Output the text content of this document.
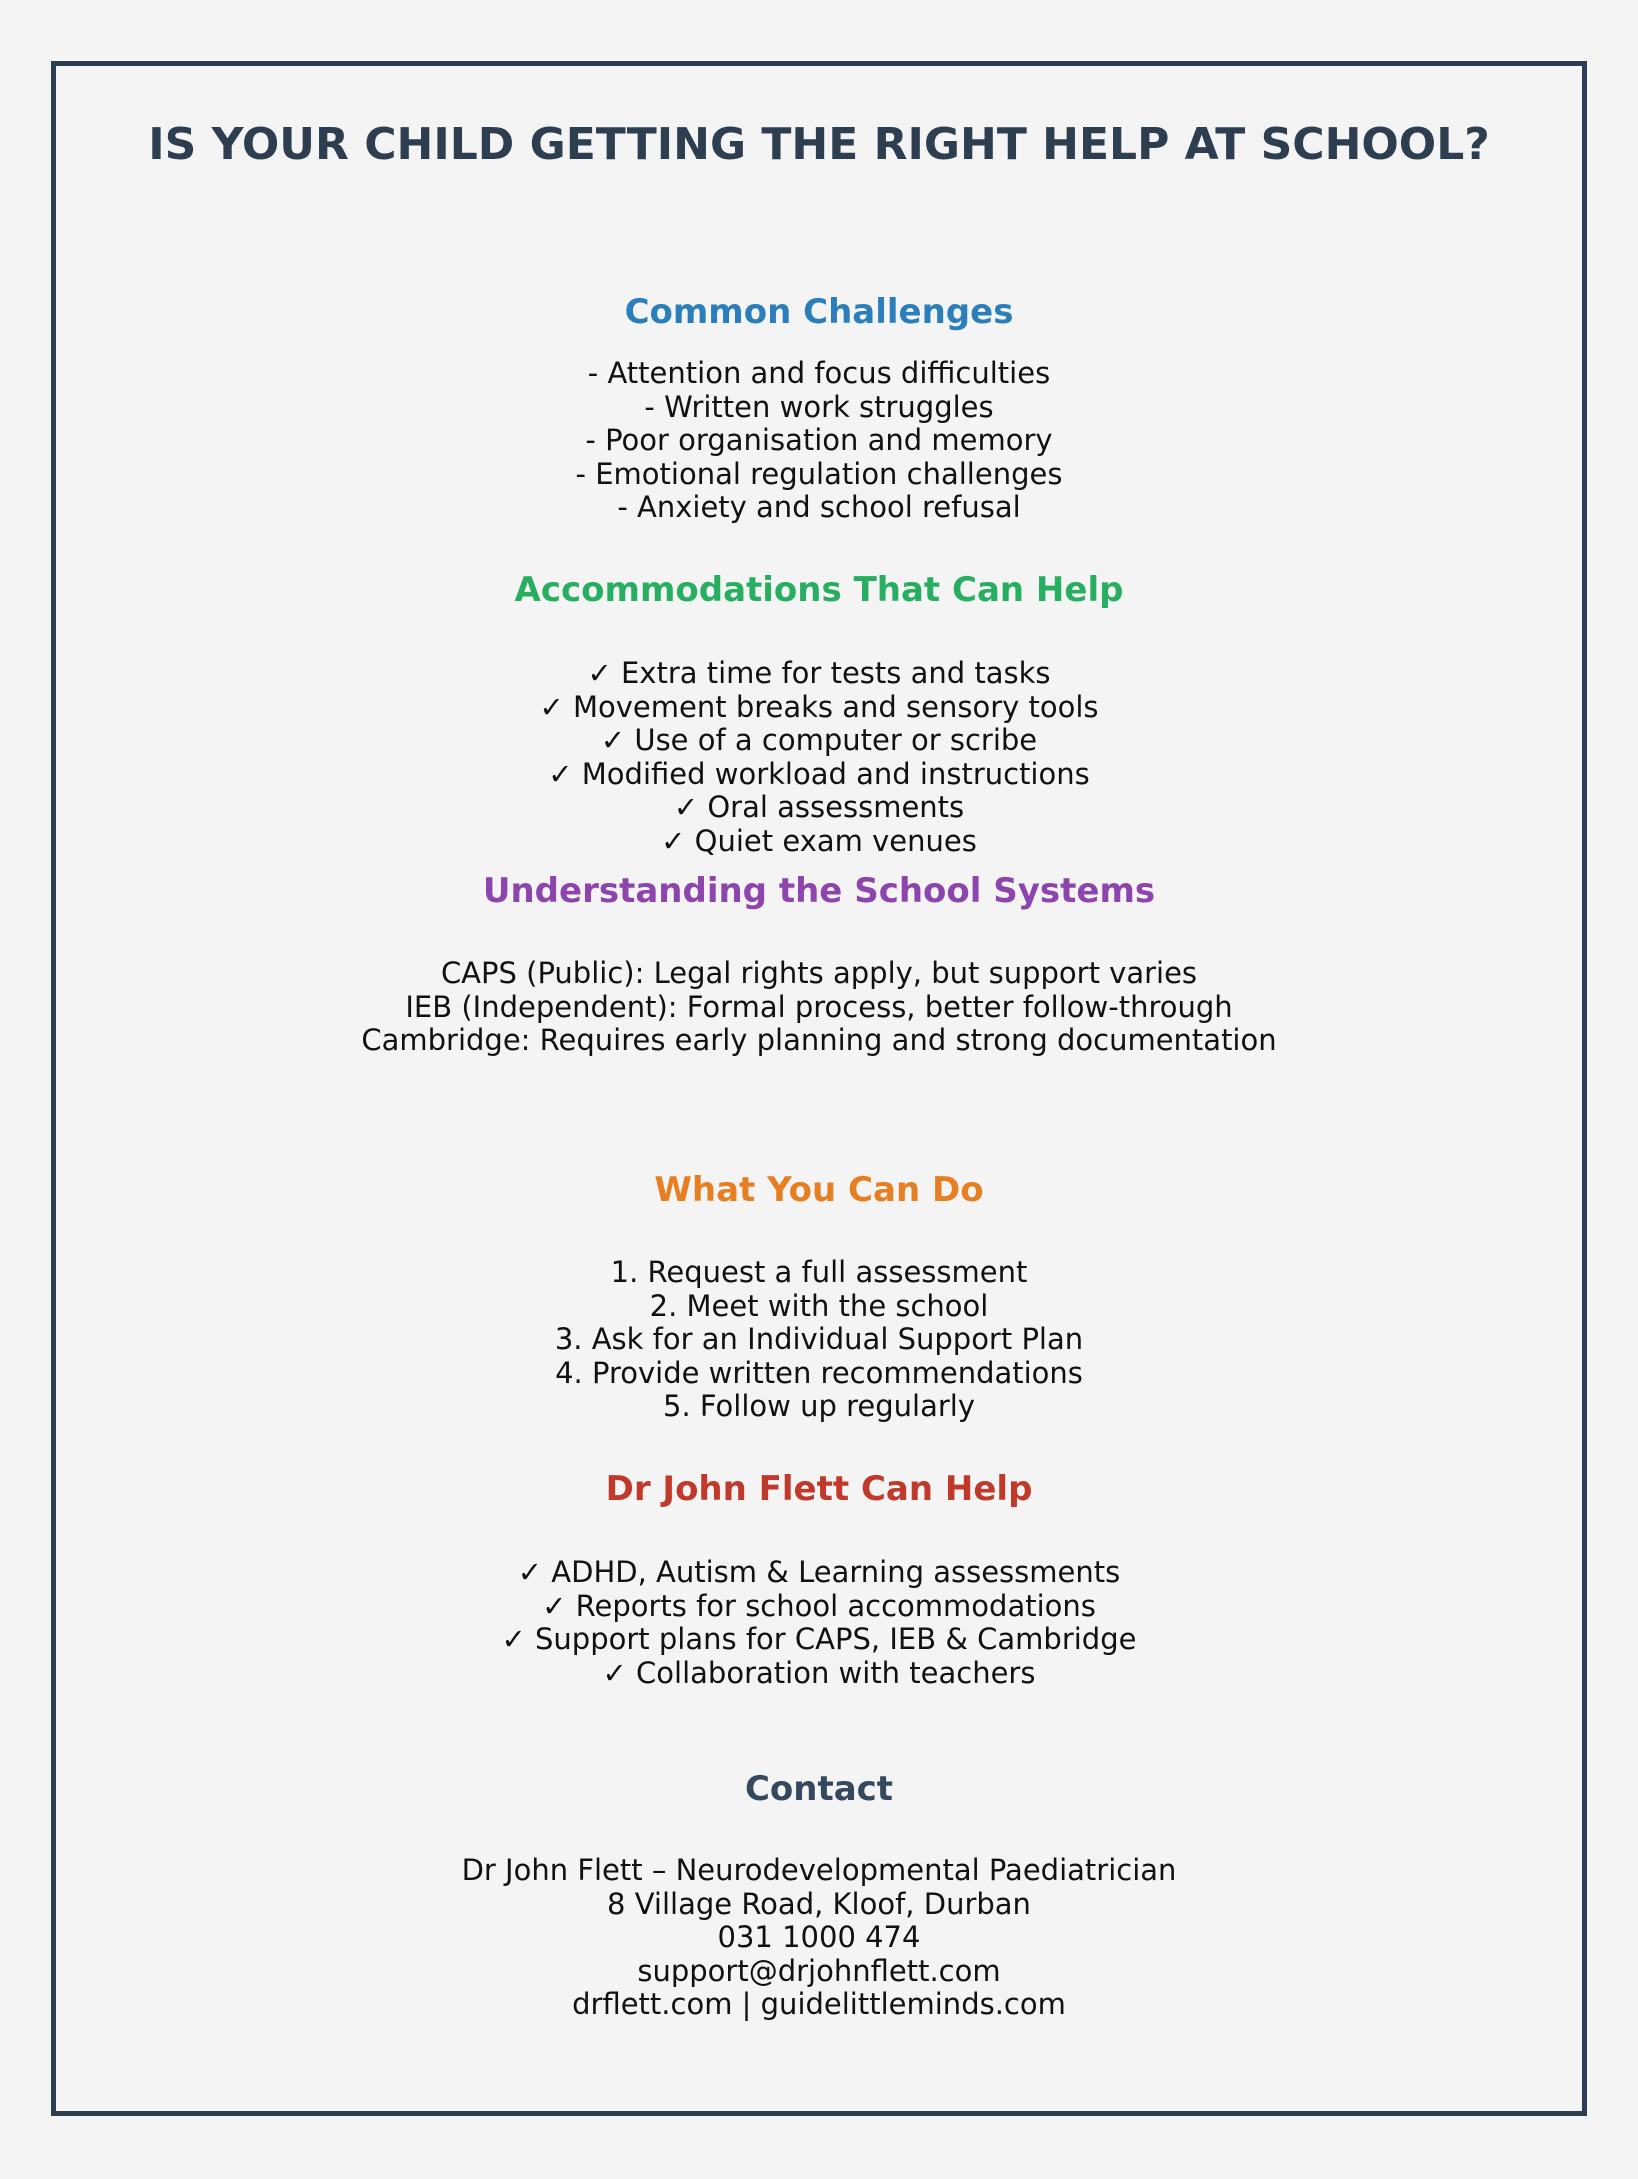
IS YOUR CHILD GETTING THE RIGHT HELP AT SCHOOL?
Common Challenges
- Attention and focus difficulties
- Written work struggles
- Poor organisation and memory
- Emotional regulation challenges
- Anxiety and school refusal
Accommodations That Can Help
✓ Extra time for tests and tasks
✓ Movement breaks and sensory tools
✓ Use of a computer or scribe
✓ Modified workload and instructions
✓ Oral assessments
✓ Quiet exam venues
Understanding the School Systems
CAPS (Public): Legal rights apply, but support varies
IEB (Independent): Formal process, better follow-through
Cambridge: Requires early planning and strong documentation
What You Can Do
1. Request a full assessment
2. Meet with the school
3. Ask for an Individual Support Plan
4. Provide written recommendations
5. Follow up regularly
Dr John Flett Can Help
✓ ADHD, Autism & Learning assessments
✓ Reports for school accommodations
✓ Support plans for CAPS, IEB & Cambridge
✓ Collaboration with teachers
Contact
Dr John Flett – Neurodevelopmental Paediatrician
8 Village Road, Kloof, Durban
031 1000 474
support@drjohnflett.com
drflett.com | guidelittleminds.com
